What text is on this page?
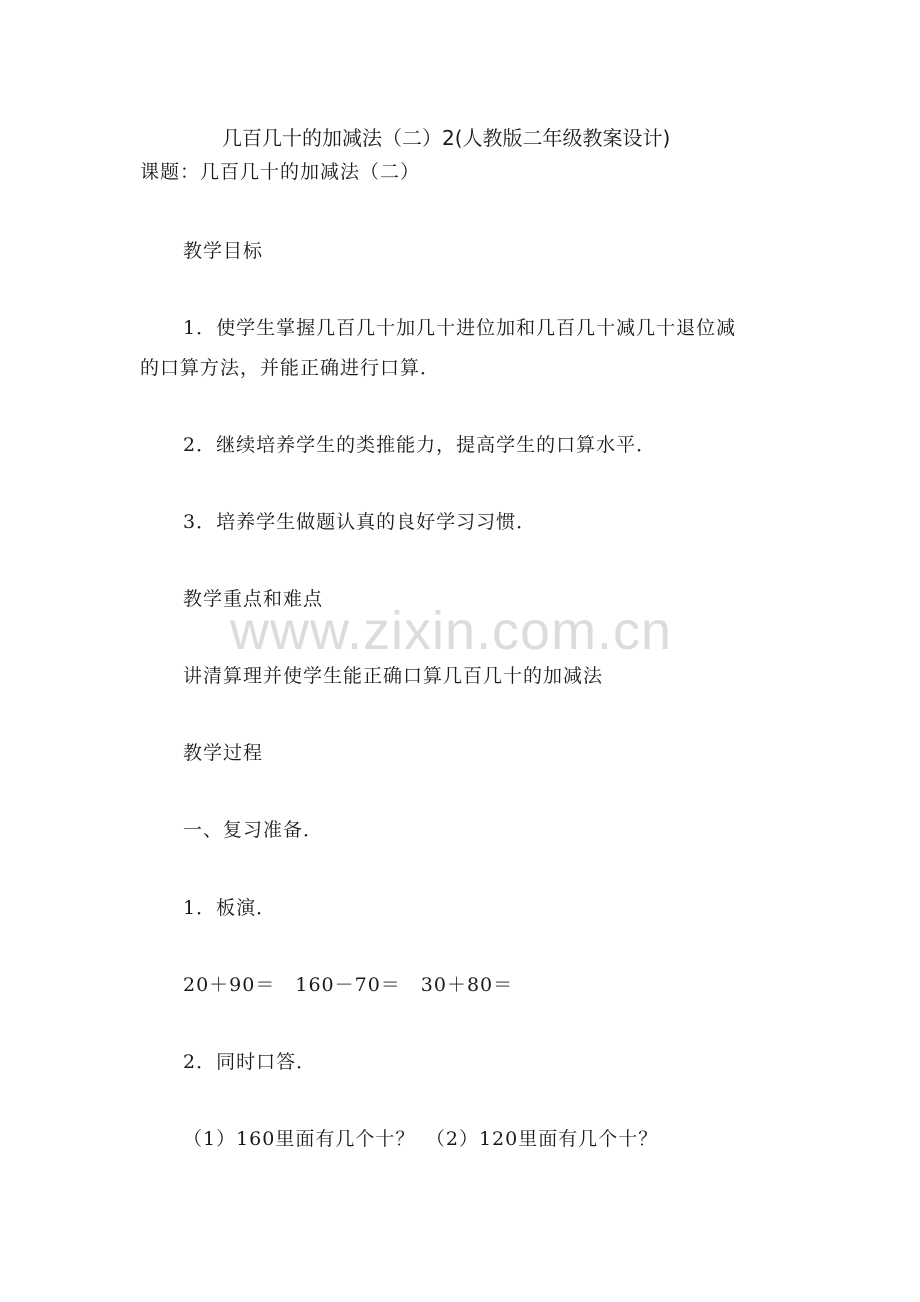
www.zixin.com.cn
几百几十的加减法（二）2(人教版二年级教案设计)
课题：几百几十的加减法（二）
教学目标
1．使学生掌握几百几十加几十进位加和几百几十减几十退位减
的口算方法，并能正确进行口算．
2．继续培养学生的类推能力，提高学生的口算水平．
3．培养学生做题认真的良好学习习惯．
教学重点和难点
讲清算理并使学生能正确口算几百几十的加减法
教学过程
一、复习准备．
1．板演．
20＋90＝　160－70＝　30＋80＝
2．同时口答．
（1）160里面有几个十？　（2）120里面有几个十？
